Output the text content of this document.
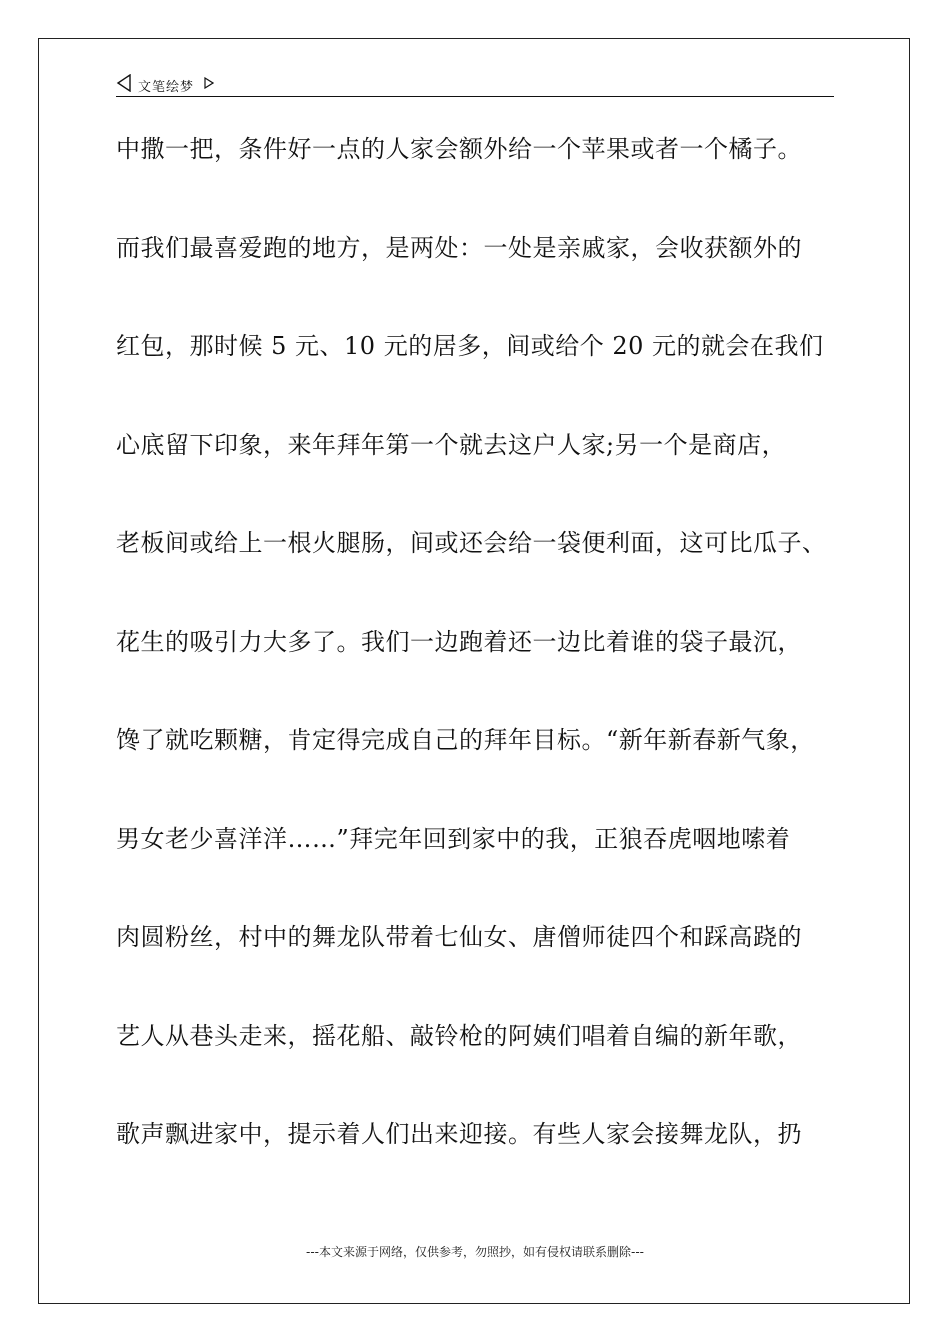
文笔绘梦
中撒一把，条件好一点的人家会额外给一个苹果或者一个橘子。
而我们最喜爱跑的地方，是两处：一处是亲戚家，会收获额外的
红包，那时候 5 元、10 元的居多，间或给个 20 元的就会在我们
心底留下印象，来年拜年第一个就去这户人家;另一个是商店，
老板间或给上一根火腿肠，间或还会给一袋便利面，这可比瓜子、
花生的吸引力大多了。我们一边跑着还一边比着谁的袋子最沉，
馋了就吃颗糖，肯定得完成自己的拜年目标。“新年新春新气象，
男女老少喜洋洋……”拜完年回到家中的我，正狼吞虎咽地嗦着
肉圆粉丝，村中的舞龙队带着七仙女、唐僧师徒四个和踩高跷的
艺人从巷头走来，摇花船、敲铃枪的阿姨们唱着自编的新年歌，
歌声飘进家中，提示着人们出来迎接。有些人家会接舞龙队，扔
---本文来源于网络，仅供参考，勿照抄，如有侵权请联系删除---
